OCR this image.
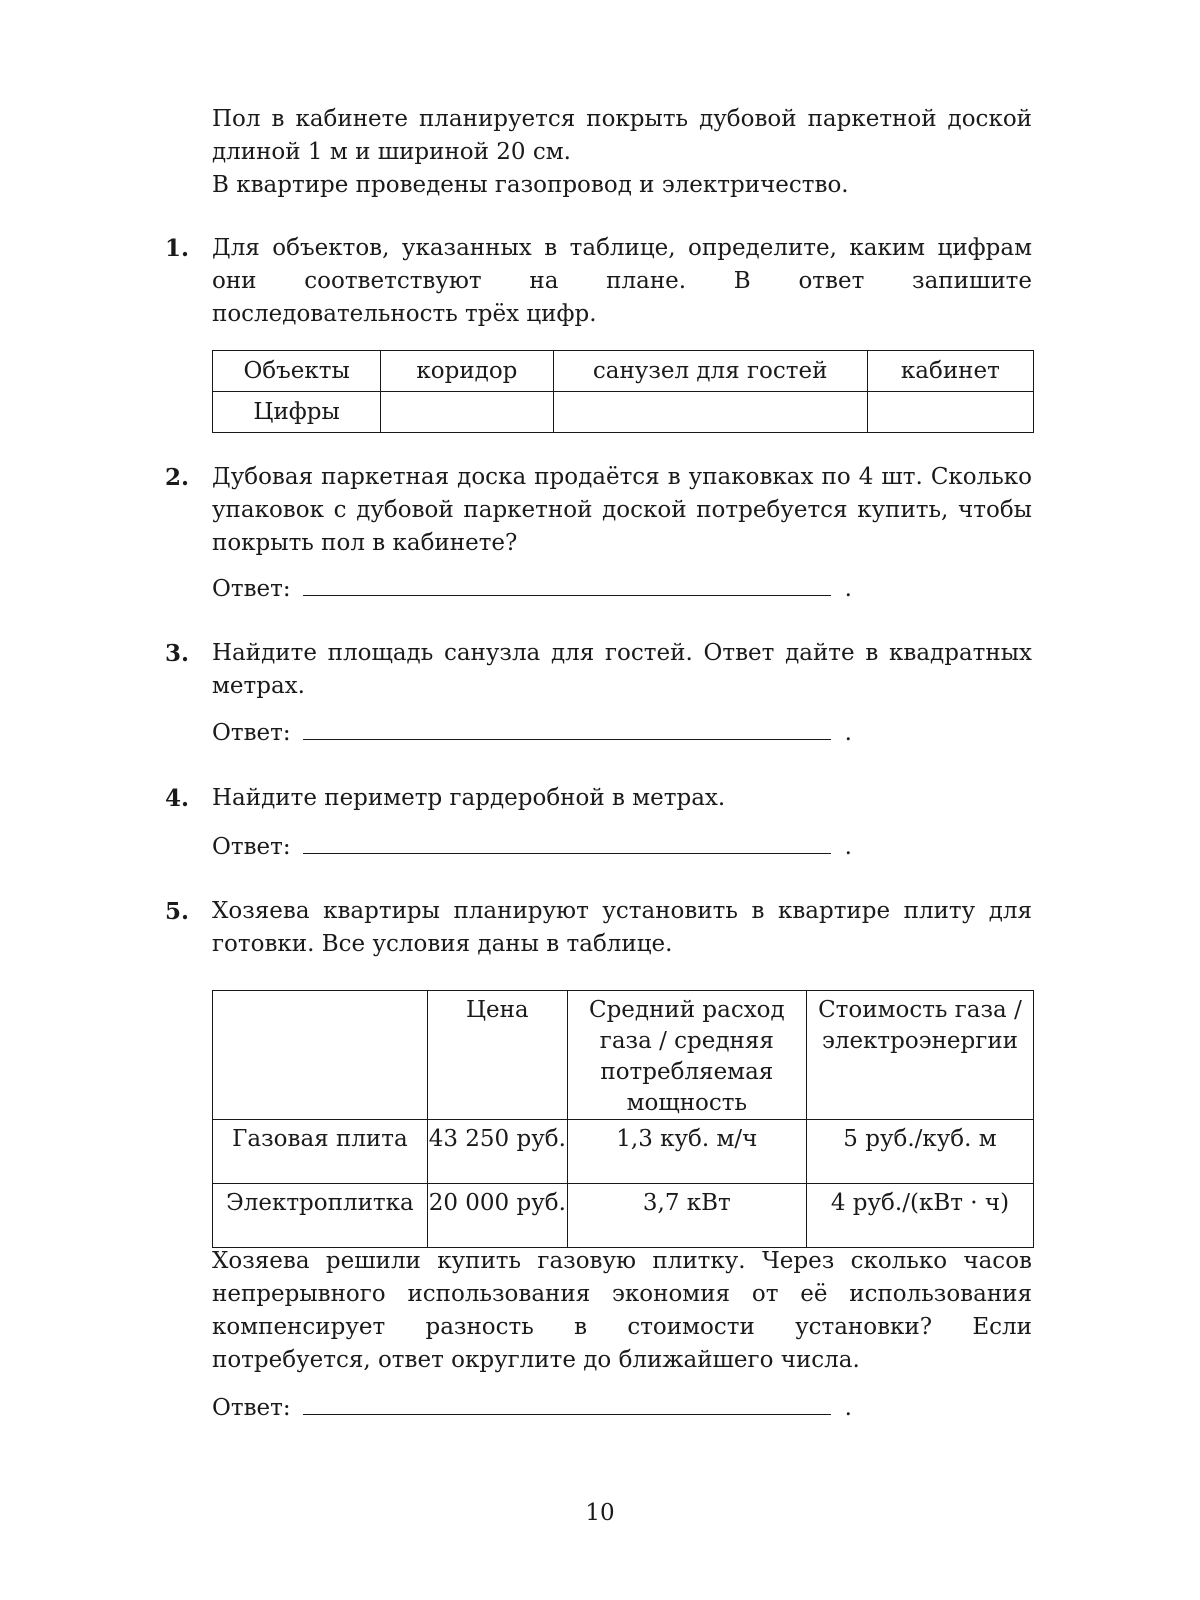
Пол в кабинете планируется покрыть дубовой паркетной доской длиной 1 м и шириной 20 см.

В квартире проведены газопровод и электричество.

1. Для объектов, указанных в таблице, определите, каким цифрам они соответствуют на плане. В ответ запишите последовательность трёх цифр.

Объекты	коридор	санузел для гостей	кабинет
Цифры			
2. Дубовая паркетная доска продаётся в упаковках по 4 шт. Сколько упаковок с дубовой паркетной доской потребуется купить, чтобы покрыть пол в кабинете?

Ответ:	.
3. Найдите площадь санузла для гостей. Ответ дайте в квадратных метрах.

Ответ:	.
4. Найдите периметр гардеробной в метрах.

Ответ:	.
5. Хозяева квартиры планируют установить в квартире плиту для готовки. Все условия даны в таблице.

	Цена	Средний расход газа / средняя потребляемая мощность	Стоимость газа / электроэнергии
Газовая плита	43 250 руб.	1,3 куб. м/ч	5 руб./куб. м
Электроплитка	20 000 руб.	3,7 кВт	4 руб./(кВт · ч)

Хозяева решили купить газовую плитку. Через сколько часов непрерывного использования экономия от её использования компенсирует разность в стоимости установки? Если потребуется, ответ округлите до ближайшего числа.

Ответ:	.
10
